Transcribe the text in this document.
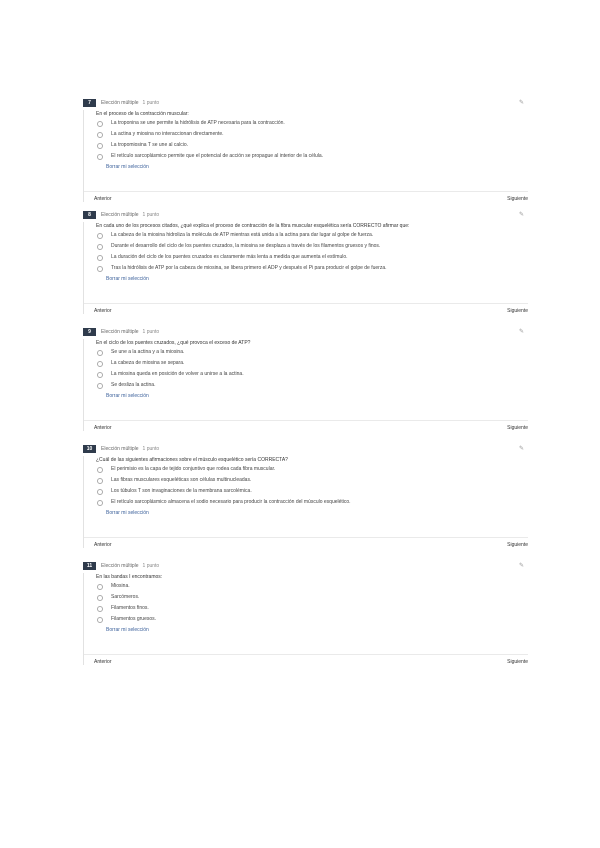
7	Elección múltiple 1 punto	✎
En el proceso de la contracción muscular:
La troponina se une permite la hidrólisis de ATP necesaria para la contracción.
La actina y miosina no interaccionan directamente.
La tropomiosina T se une al calcio.
El retículo sarcoplásmico permite que el potencial de acción se propague al interior de la célula.
Borrar mi selección
Anterior	Siguiente
8	Elección múltiple 1 punto	✎
En cada uno de los procesos citados, ¿qué explica el proceso de contracción de la fibra muscular esquelética sería CORRECTO afirmar que:
La cabeza de la miosina hidroliza la molécula de ATP mientras está unida a la actina para dar lugar al golpe de fuerza.
Durante el desarrollo del ciclo de los puentes cruzados, la miosina se desplaza a través de los filamentos gruesos y finos.
La duración del ciclo de los puentes cruzados es claramente más lenta a medida que aumenta el estímulo.
Tras la hidrólisis de ATP por la cabeza de miosina, se libera primero el ADP y después el Pi para producir el golpe de fuerza.
Borrar mi selección
Anterior	Siguiente
9	Elección múltiple 1 punto	✎
En el ciclo de los puentes cruzados, ¿qué provoca el exceso de ATP?
Se une a la actina y a la miosina.
La cabeza de miosina se separa.
La miosina queda en posición de volver a unirse a la actina.
Se desliza la actina.
Borrar mi selección
Anterior	Siguiente
10	Elección múltiple 1 punto	✎
¿Cuál de las siguientes afirmaciones sobre el músculo esquelético sería CORRECTA?
El perimisio es la capa de tejido conjuntivo que rodea cada fibra muscular.
Las fibras musculares esqueléticas son células multinucleadas.
Los túbulos T son invaginaciones de la membrana sarcolémica.
El retículo sarcoplásmico almacena el sodio necesario para producir la contracción del músculo esquelético.
Borrar mi selección
Anterior	Siguiente
11	Elección múltiple 1 punto	✎
En las bandas I encontramos:
Miosina.
Sarcómeros.
Filamentos finos.
Filamentos gruesos.
Borrar mi selección
Anterior	Siguiente
